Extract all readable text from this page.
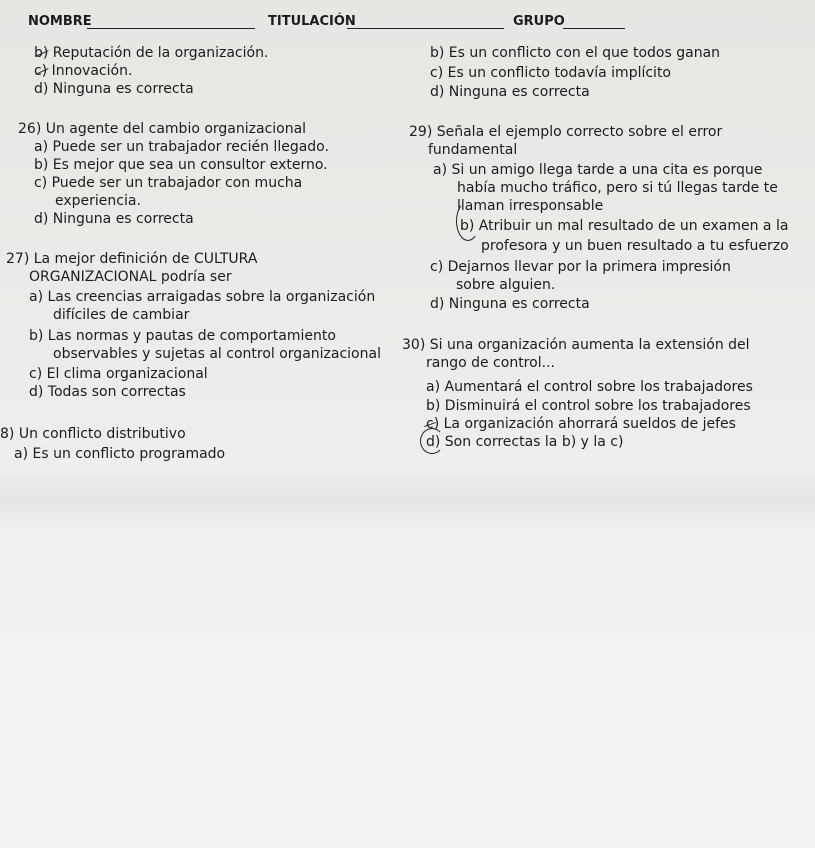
NOMBRE	TITULACIÓN	GRUPO
b) Reputación de la organización.
c) Innovación.
d) Ninguna es correcta
26) Un agente del cambio organizacional
a) Puede ser un trabajador recién llegado.
b) Es mejor que sea un consultor externo.
c) Puede ser un trabajador con mucha
experiencia.
d) Ninguna es correcta
27) La mejor definición de CULTURA
ORGANIZACIONAL podría ser
a) Las creencias arraigadas sobre la organización
difíciles de cambiar
b) Las normas y pautas de comportamiento
observables y sujetas al control organizacional
c) El clima organizacional
d) Todas son correctas
8) Un conflicto distributivo
a) Es un conflicto programado
b) Es un conflicto con el que todos ganan
c) Es un conflicto todavía implícito
d) Ninguna es correcta
29) Señala el ejemplo correcto sobre el error
fundamental
a) Si un amigo llega tarde a una cita es porque
había mucho tráfico, pero si tú llegas tarde te
llaman irresponsable
b) Atribuir un mal resultado de un examen a la
profesora y un buen resultado a tu esfuerzo
c) Dejarnos llevar por la primera impresión
sobre alguien.
d) Ninguna es correcta
30) Si una organización aumenta la extensión del
rango de control...
a) Aumentará el control sobre los trabajadores
b) Disminuirá el control sobre los trabajadores
c) La organización ahorrará sueldos de jefes
d) Son correctas la b) y la c)
